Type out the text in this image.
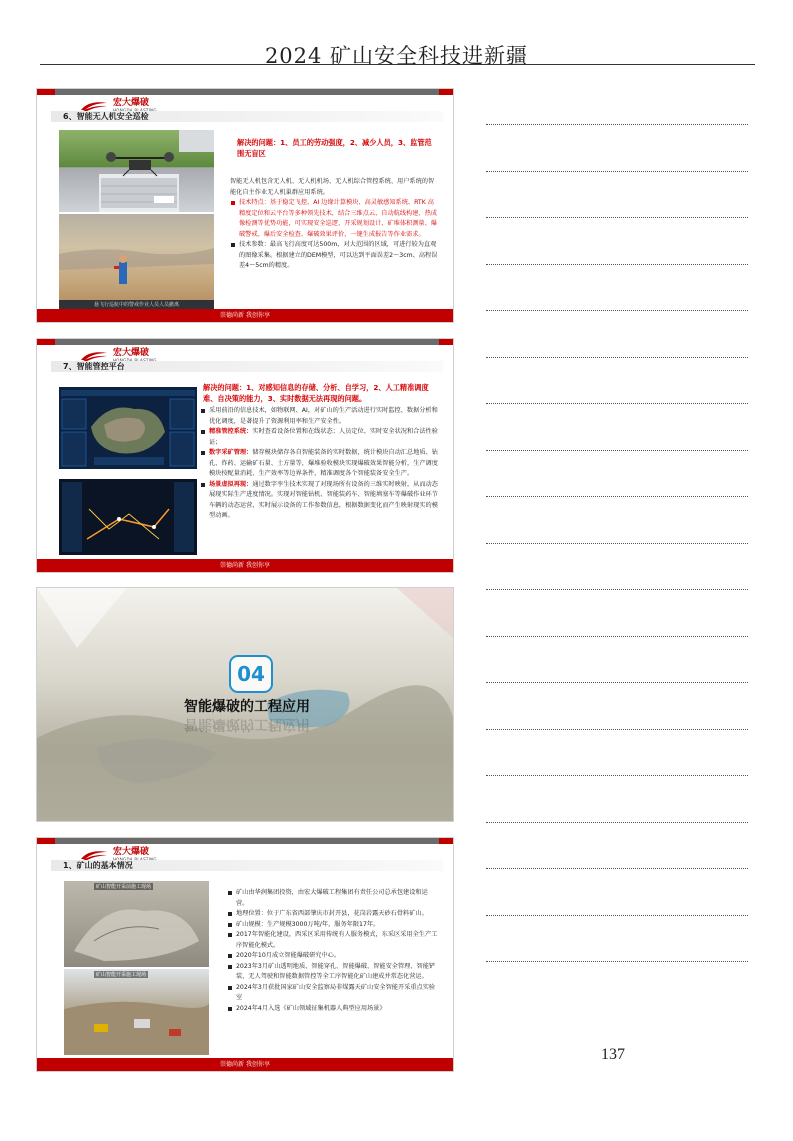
2024 矿山安全科技进新疆
宏大爆破
6、智能无人机安全巡检
悬飞行巡航中的警戒作业人员人员撤离
解决的问题：1、员工的劳动强度，2、减少人员，3、监管范围无盲区
智能无人机包含无人机、无人机机场、无人机综合管控系统、用户系统的智能化自主作业无人机巢群应用系统。
技术特点：基于稳定飞控、AI 边缘计算模块、高灵敏感知系统、RTK 高精度定位和云平台等多种领先技术，结合三维点云、自动航线构建、热成像检测等优势功能，可实现安全巡逻、开采规划设计、矿堆体积测量、爆破警戒、爆后安全检查、爆破效果评价、一键生成报告等作业需求。
技术参数：最高飞行高度可达500m，对大范围的区域，可进行较为直观的图像采集。根据建立的DEM模型，可以达到平面误差2～3cm、高程误差4～5cm的精度。
崇德尚新 我创你享
宏大爆破
7、智能管控平台
解决的问题：1、对感知信息的存储、分析、自学习，2、人工精准调度难、自决策的能力，3、实时数据无法再现的问题。
采用前沿的信息技术，如物联网、AI，对矿山的生产活动进行实时监控、数据分析和优化调度，是著提升了资源利用率和生产安全性。
精准管控系统：实时查看设备位置和在线状态；人员定位、实时安全状况和合法性验证；
数字采矿管理：储存模块储存各自智能装备的实时数据，统计模块自动汇总地质、钻孔、炸药、运输矿石量、土方量等，爆堆验收模块实现爆破效果智能分析，生产调度模块按配量消耗、生产效率等边界条件，精准调度各个智能装备安全生产。
场景虚拟再现：通过数字孪生技术实现了对现场所有设备的三维实时映射，从而动态展现实际生产进度情况。实现对智能钻机、智能装药车、智能填塞车等爆破作业环节车辆的动态运营，实时展示设备的工作参数信息，根据数据变化而产生映射现实的模型动画。
崇德尚新 我创你享
04
智能爆破的工程应用
智能爆破的工程应用
宏大爆破
1、矿山的基本情况
矿山智能开采前施工现场
矿山智能开采施工现场
矿山由华润集团投资，由宏大爆破工程集团有责任公司总承包建设和运营。
地理位置：位于广东省西部肇庆市封开县，花岗岩露天砂石骨料矿山。
矿山规模：生产规模3000万吨/年，服务年限17年。
2017年智能化建设，西采区采用传统有人服务模式，东采区采用全生产工序智能化模式。
2020年10月成立智能爆破研究中心。
2023年3月矿山透明地质、智能穿孔、智能爆破、智能安全管理、智能铲装、无人驾驶和智能数据管控等全工序智能化矿山建成并常态化营运。
2024年3月获批国家矿山安全监察局非煤露天矿山安全智能开采重点实验室
2024年4月入选《矿山领域征集机器人典型应用场景》
崇德尚新 我创你享
137
